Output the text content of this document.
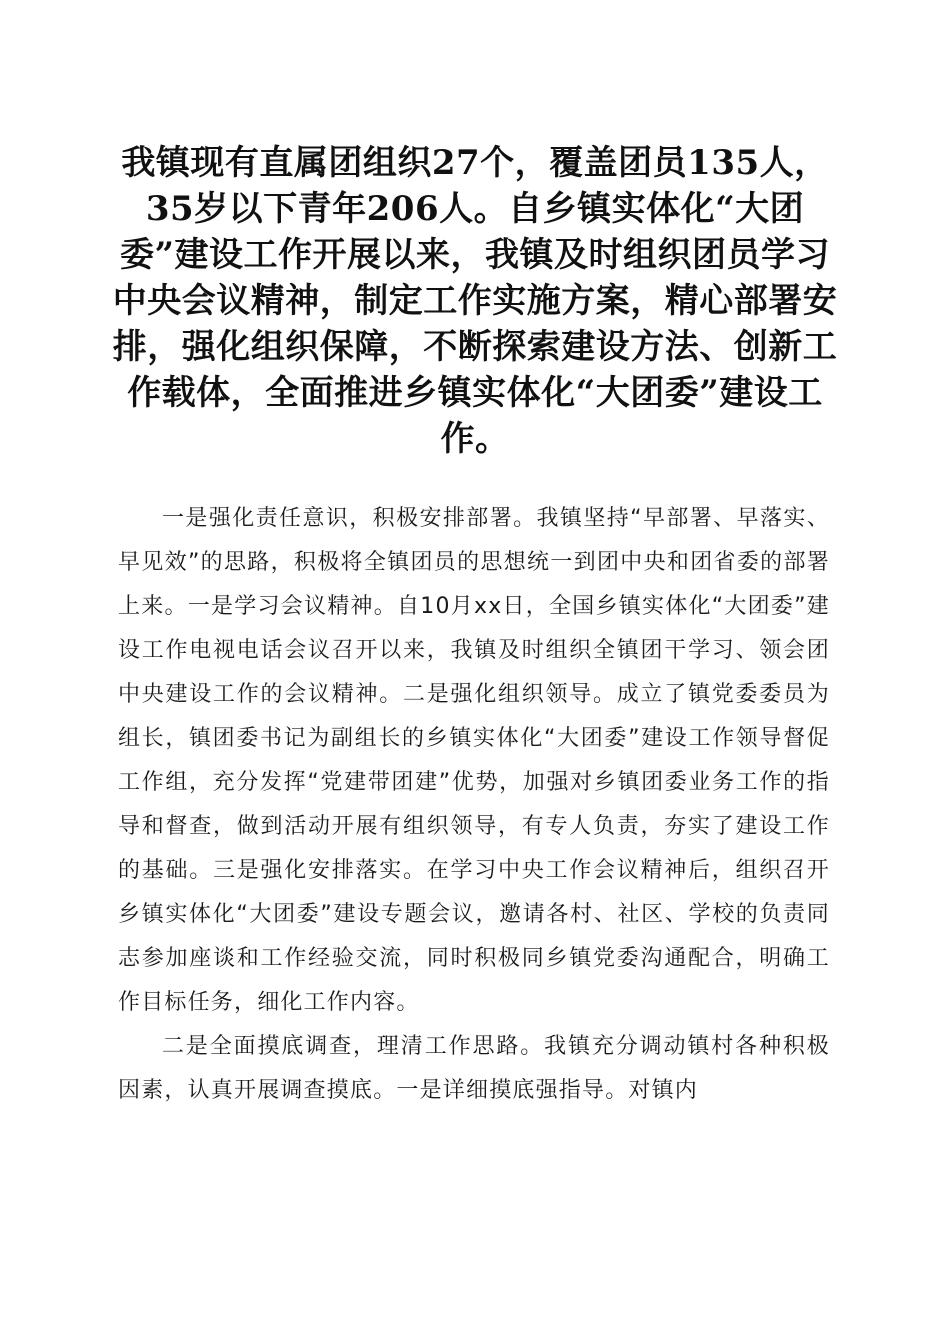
我镇现有直属团组织27个，覆盖团员135人，35岁以下青年206人。自乡镇实体化“大团委”建设工作开展以来，我镇及时组织团员学习中央会议精神，制定工作实施方案，精心部署安排，强化组织保障，不断探索建设方法、创新工作载体，全面推进乡镇实体化“大团委”建设工作。

一是强化责任意识，积极安排部署。我镇坚持“早部署、早落实、早见效”的思路，积极将全镇团员的思想统一到团中央和团省委的部署上来。一是学习会议精神。自10月xx日，全国乡镇实体化“大团委”建设工作电视电话会议召开以来，我镇及时组织全镇团干学习、领会团中央建设工作的会议精神。二是强化组织领导。成立了镇党委委员为组长，镇团委书记为副组长的乡镇实体化“大团委”建设工作领导督促工作组，充分发挥“党建带团建”优势，加强对乡镇团委业务工作的指导和督查，做到活动开展有组织领导，有专人负责，夯实了建设工作的基础。三是强化安排落实。在学习中央工作会议精神后，组织召开乡镇实体化“大团委”建设专题会议，邀请各村、社区、学校的负责同志参加座谈和工作经验交流，同时积极同乡镇党委沟通配合，明确工作目标任务，细化工作内容。

二是全面摸底调查，理清工作思路。我镇充分调动镇村各种积极因素，认真开展调查摸底。一是详细摸底强指导。对镇内
